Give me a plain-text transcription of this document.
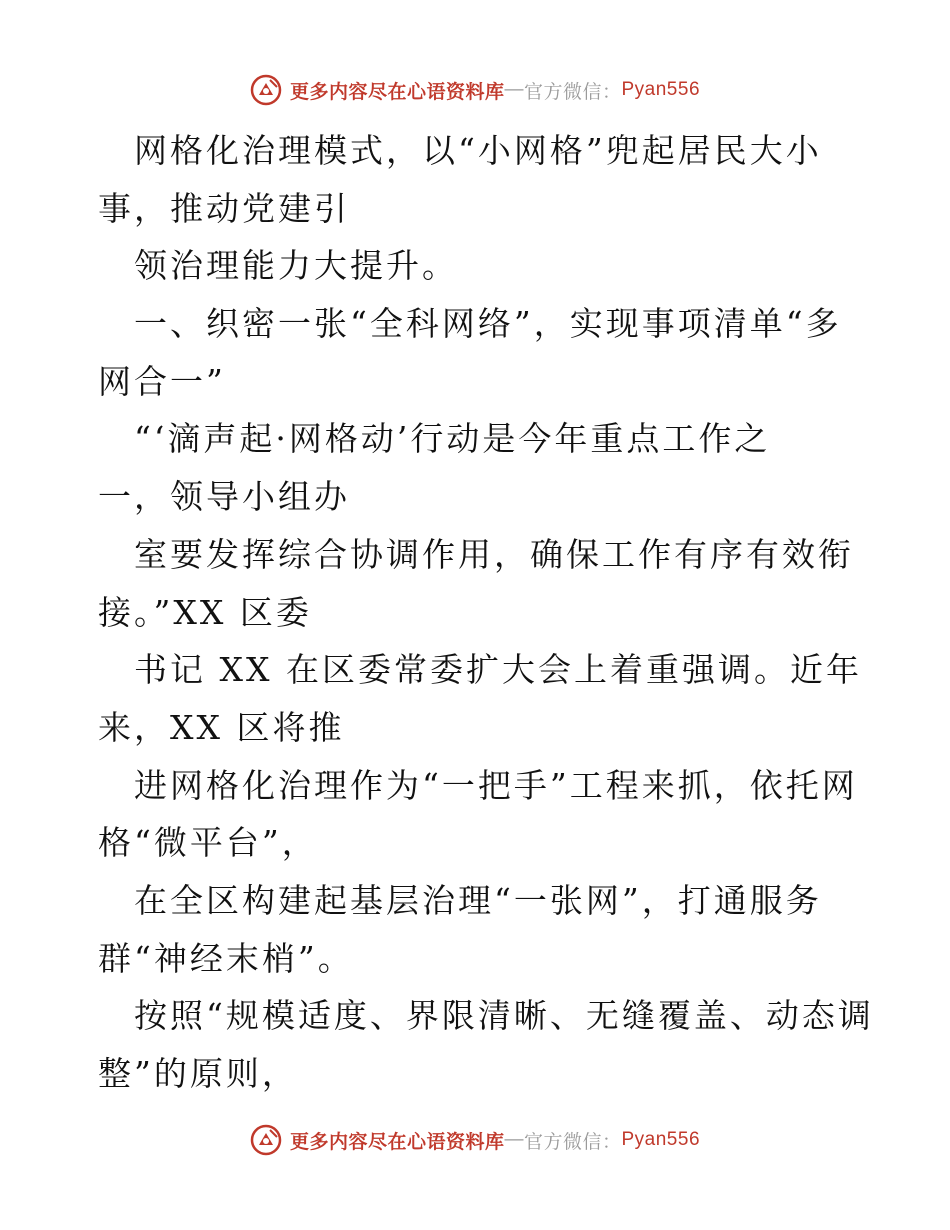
更多内容尽在心语资料库 — 官方微信： Pyan556
网格化治理模式，以“小网格”兜起居民大小
事，推动党建引
领治理能力大提升。
一、织密一张“全科网络”，实现事项清单“多
网合一”
“‘滴声起·网格动’行动是今年重点工作之
一，领导小组办
室要发挥综合协调作用，确保工作有序有效衔
接。”XX 区委
书记 XX 在区委常委扩大会上着重强调。近年
来，XX 区将推
进网格化治理作为“一把手”工程来抓，依托网
格“微平台”，
在全区构建起基层治理“一张网”，打通服务
群“神经末梢”。
按照“规模适度、界限清晰、无缝覆盖、动态调
整”的原则，
更多内容尽在心语资料库 — 官方微信： Pyan556
